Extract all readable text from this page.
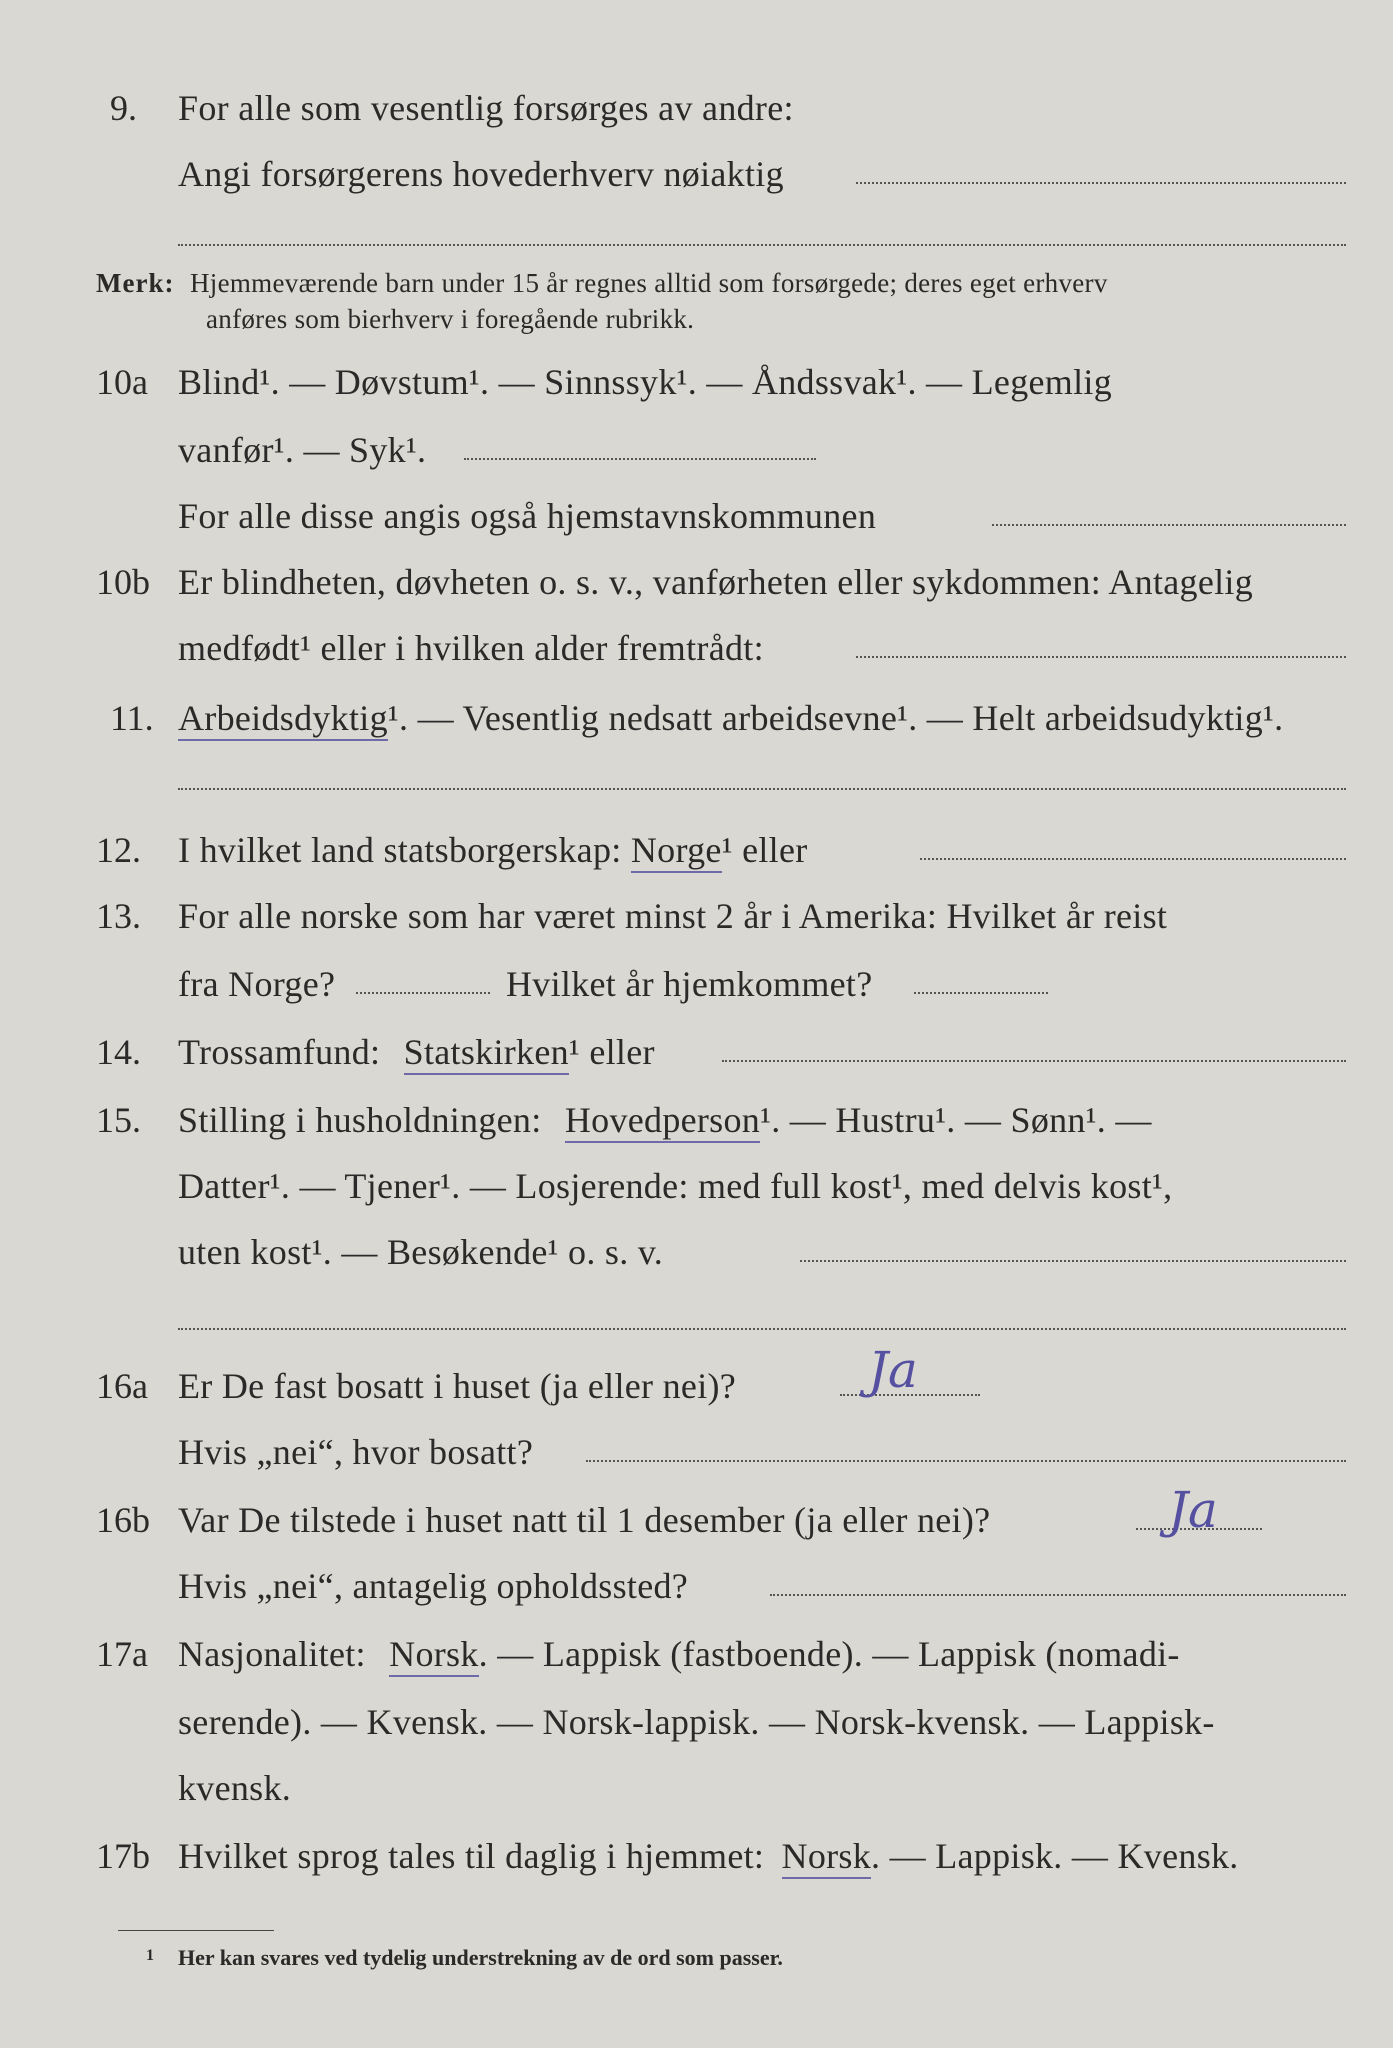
9. For alle som vesentlig forsørges av andre:
Angi forsørgerens hovederhverv nøiaktig
Merk: Hjemmeværende barn under 15 år regnes alltid som forsørgede; deres eget erhverv
anføres som bierhverv i foregående rubrikk.
10a Blind¹. — Døvstum¹. — Sinnssyk¹. — Åndssvak¹. — Legemlig
vanfør¹. — Syk¹.
For alle disse angis også hjemstavnskommunen
10b Er blindheten, døvheten o. s. v., vanførheten eller sykdommen: Antagelig
medfødt¹ eller i hvilken alder fremtrådt:
11. Arbeidsdyktig¹. — Vesentlig nedsatt arbeidsevne¹. — Helt arbeidsudyktig¹.
12. I hvilket land statsborgerskap: Norge¹ eller
13. For alle norske som har været minst 2 år i Amerika: Hvilket år reist
fra Norge?	Hvilket år hjemkommet?
14. Trossamfund: Statskirken¹ eller
15. Stilling i husholdningen: Hovedperson¹. — Hustru¹. — Sønn¹. —
Datter¹. — Tjener¹. — Losjerende: med full kost¹, med delvis kost¹,
uten kost¹. — Besøkende¹ o. s. v.
16a Er De fast bosatt i huset (ja eller nei)?	Ja
Hvis „nei“, hvor bosatt?
16b Var De tilstede i huset natt til 1 desember (ja eller nei)?	Ja
Hvis „nei“, antagelig opholdssted?
17a Nasjonalitet: Norsk. — Lappisk (fastboende). — Lappisk (nomadi-
serende). — Kvensk. — Norsk-lappisk. — Norsk-kvensk. — Lappisk-
kvensk.
17b Hvilket sprog tales til daglig i hjemmet: Norsk. — Lappisk. — Kvensk.
1 Her kan svares ved tydelig understrekning av de ord som passer.
